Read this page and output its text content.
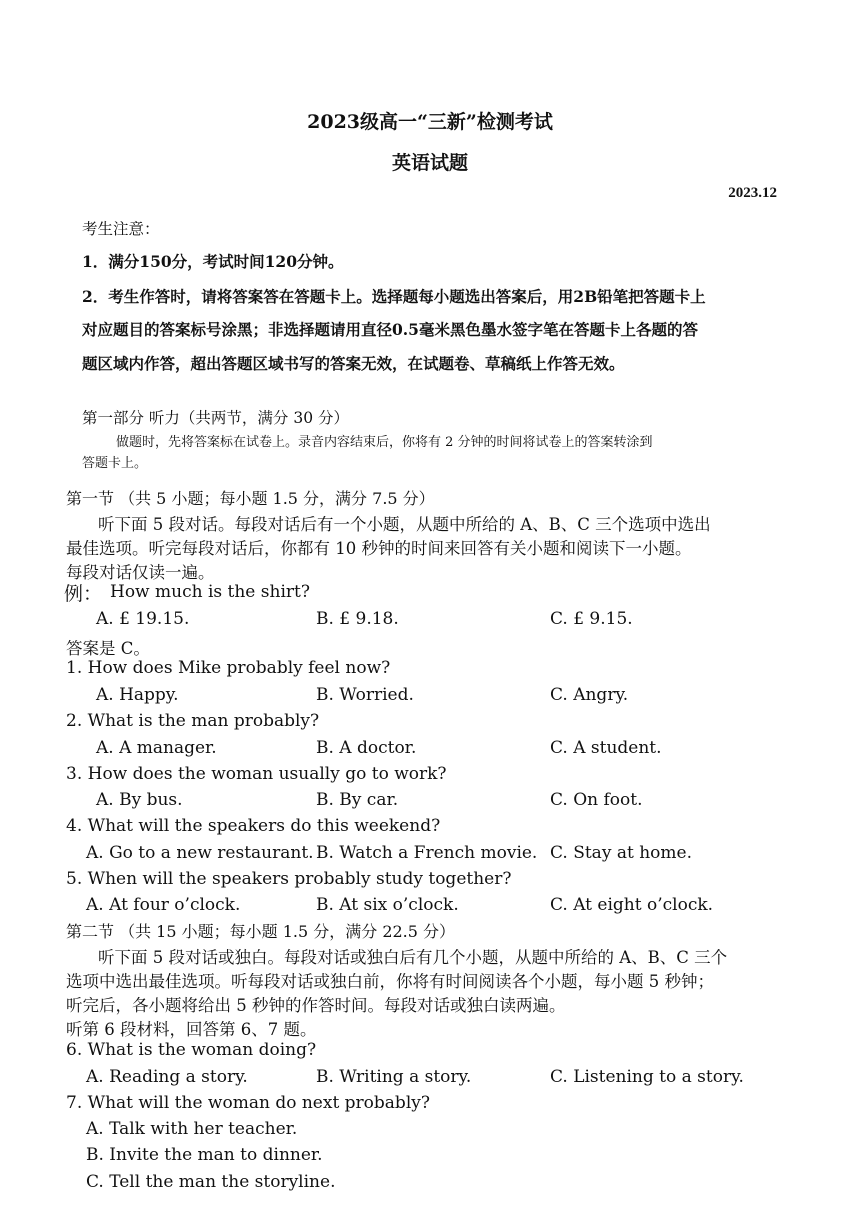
2023级高一“三新”检测考试
英语试题
2023.12
考生注意：
1．满分150分，考试时间120分钟。
2．考生作答时，请将答案答在答题卡上。选择题每小题选出答案后，用2B铅笔把答题卡上
对应题目的答案标号涂黑；非选择题请用直径0.5毫米黑色墨水签字笔在答题卡上各题的答
题区域内作答，超出答题区域书写的答案无效，在试题卷、草稿纸上作答无效。
第一部分 听力（共两节，满分 30 分）
做题时，先将答案标在试卷上。录音内容结束后，你将有 2 分钟的时间将试卷上的答案转涂到
答题卡上。
第一节 （共 5 小题；每小题 1.5 分，满分 7.5 分）
听下面 5 段对话。每段对话后有一个小题，从题中所给的 A、B、C 三个选项中选出
最佳选项。听完每段对话后，你都有 10 秒钟的时间来回答有关小题和阅读下一小题。
每段对话仅读一遍。
例： How much is the shirt?
A. £ 19.15.	B. £ 9.18.	C. £ 9.15.
答案是 C。
1. How does Mike probably feel now?
A. Happy.	B. Worried.	C. Angry.
2. What is the man probably?
A. A manager.	B. A doctor.	C. A student.
3. How does the woman usually go to work?
A. By bus.	B. By car.	C. On foot.
4. What will the speakers do this weekend?
A. Go to a new restaurant. B. Watch a French movie. C. Stay at home.
5. When will the speakers probably study together?
A. At four o’clock.	B. At six o’clock.	C. At eight o’clock.
第二节 （共 15 小题；每小题 1.5 分，满分 22.5 分）
听下面 5 段对话或独白。每段对话或独白后有几个小题，从题中所给的 A、B、C 三个
选项中选出最佳选项。听每段对话或独白前，你将有时间阅读各个小题，每小题 5 秒钟；
听完后，各小题将给出 5 秒钟的作答时间。每段对话或独白读两遍。
听第 6 段材料，回答第 6、7 题。
6. What is the woman doing?
A. Reading a story.	B. Writing a story.	C. Listening to a story.
7. What will the woman do next probably?
A. Talk with her teacher.
B. Invite the man to dinner.
C. Tell the man the storyline.
